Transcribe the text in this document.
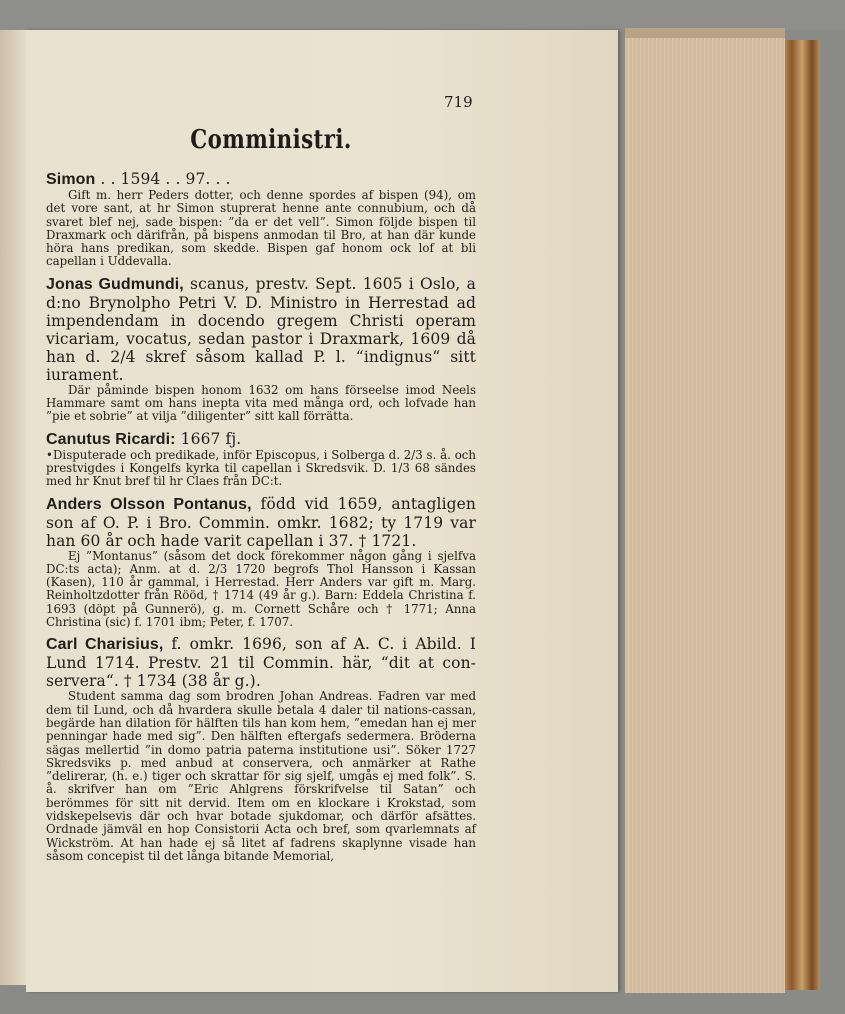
719
Comministri.
Simon . . 1594 . . 97. . .
Gift m. herr Peders dotter, och denne spordes af bispen (94), om det vore sant, at hr Simon stuprerat henne ante connubium, och då svaret blef nej, sade bispen: ”da er det vell”. Simon följde bispen til Draxmark och därifrån, på bispens anmodan til Bro, at han där kunde höra hans predikan, som skedde. Bispen gaf honom ock lof at bli capellan i Uddevalla.
Jonas Gudmundi, scanus, prestv. Sept. 1605 i Oslo, a d:no Brynolpho Petri V. D. Ministro in Herrestad ad impendendam in docendo gregem Christi operam vicariam, vocatus, sedan pastor i Draxmark, 1609 då han d. 2/4 skref såsom kallad P. l. “indignus“ sitt iurament.
Där påminde bispen honom 1632 om hans förseelse imod Neels Hammare samt om hans inepta vita med många ord, och lofvade han ”pie et sobrie” at vilja ”diligenter” sitt kall förrätta.
Canutus Ricardi: 1667 fj.
•Disputerade och predikade, inför Episcopus, i Solberga d. 2/3 s. å. och prestvigdes i Kongelfs kyrka til capellan i Skredsvik. D. 1/3 68 sändes med hr Knut bref til hr Claes från DC:t.
Anders Olsson Pontanus, född vid 1659, antagligen son af O. P. i Bro. Commin. omkr. 1682; ty 1719 var han 60 år och hade varit capellan i 37. † 1721.
Ej ”Montanus” (såsom det dock förekommer någon gång i sjelfva DC:ts acta); Anm. at d. 2/3 1720 begrofs Thol Hansson i Kassan (Kasen), 110 år gammal, i Herrestad. Herr Anders var gift m. Marg. Reinholtzdotter från Rööd, † 1714 (49 år g.). Barn: Eddela Christina f. 1693 (döpt på Gunnerö), g. m. Cornett Schåre och † 1771; Anna Christina (sic) f. 1701 ibm; Peter, f. 1707.
Carl Charisius, f. omkr. 1696, son af A. C. i Abild. I Lund 1714. Prestv. 21 til Commin. här, “dit at con-servera“. † 1734 (38 år g.).
Student samma dag som brodren Johan Andreas. Fadren var med dem til Lund, och då hvardera skulle betala 4 daler til nations-cassan, begärde han dilation för hälften tils han kom hem, ”emedan han ej mer penningar hade med sig”. Den hälften eftergafs sedermera. Bröderna sägas mellertid ”in domo patria paterna institutione usi”. Söker 1727 Skredsviks p. med anbud at conservera, och anmärker at Rathe ”delirerar, (h. e.) tiger och skrattar för sig sjelf, umgås ej med folk”. S. å. skrifver han om ”Eric Ahlgrens förskrifvelse til Satan” och berömmes för sitt nit dervid. Item om en klockare i Krokstad, som vidskepelsevis där och hvar botade sjukdomar, och därför afsättes. Ordnade jämväl en hop Consistorii Acta och bref, som qvarlemnats af Wickström. At han hade ej så litet af fadrens skaplynne visade han såsom concepist til det långa bitande Memorial,
